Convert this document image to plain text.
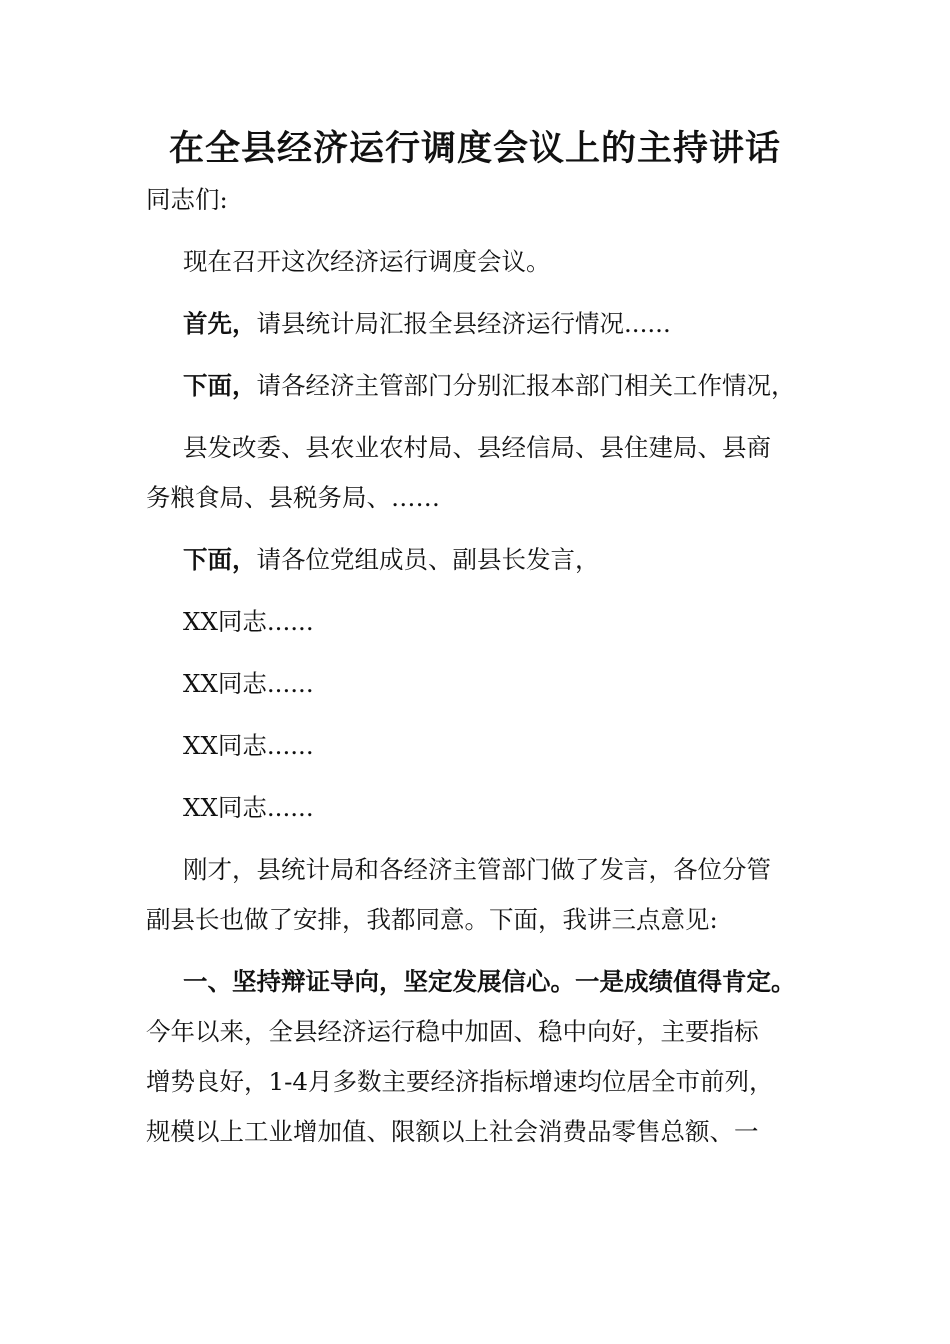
在全县经济运行调度会议上的主持讲话

同志们:

现在召开这次经济运行调度会议。

首先，请县统计局汇报全县经济运行情况......

下面，请各经济主管部门分别汇报本部门相关工作情况，

县发改委、县农业农村局、县经信局、县住建局、县商

务粮食局、县税务局、……

下面，请各位党组成员、副县长发言，

XX同志......

XX同志......

XX同志......

XX同志......

刚才，县统计局和各经济主管部门做了发言，各位分管

副县长也做了安排，我都同意。下面，我讲三点意见:

一、坚持辩证导向，坚定发展信心。一是成绩值得肯定。

今年以来，全县经济运行稳中加固、稳中向好，主要指标

增势良好，1-4月多数主要经济指标增速均位居全市前列，

规模以上工业增加值、限额以上社会消费品零售总额、一
